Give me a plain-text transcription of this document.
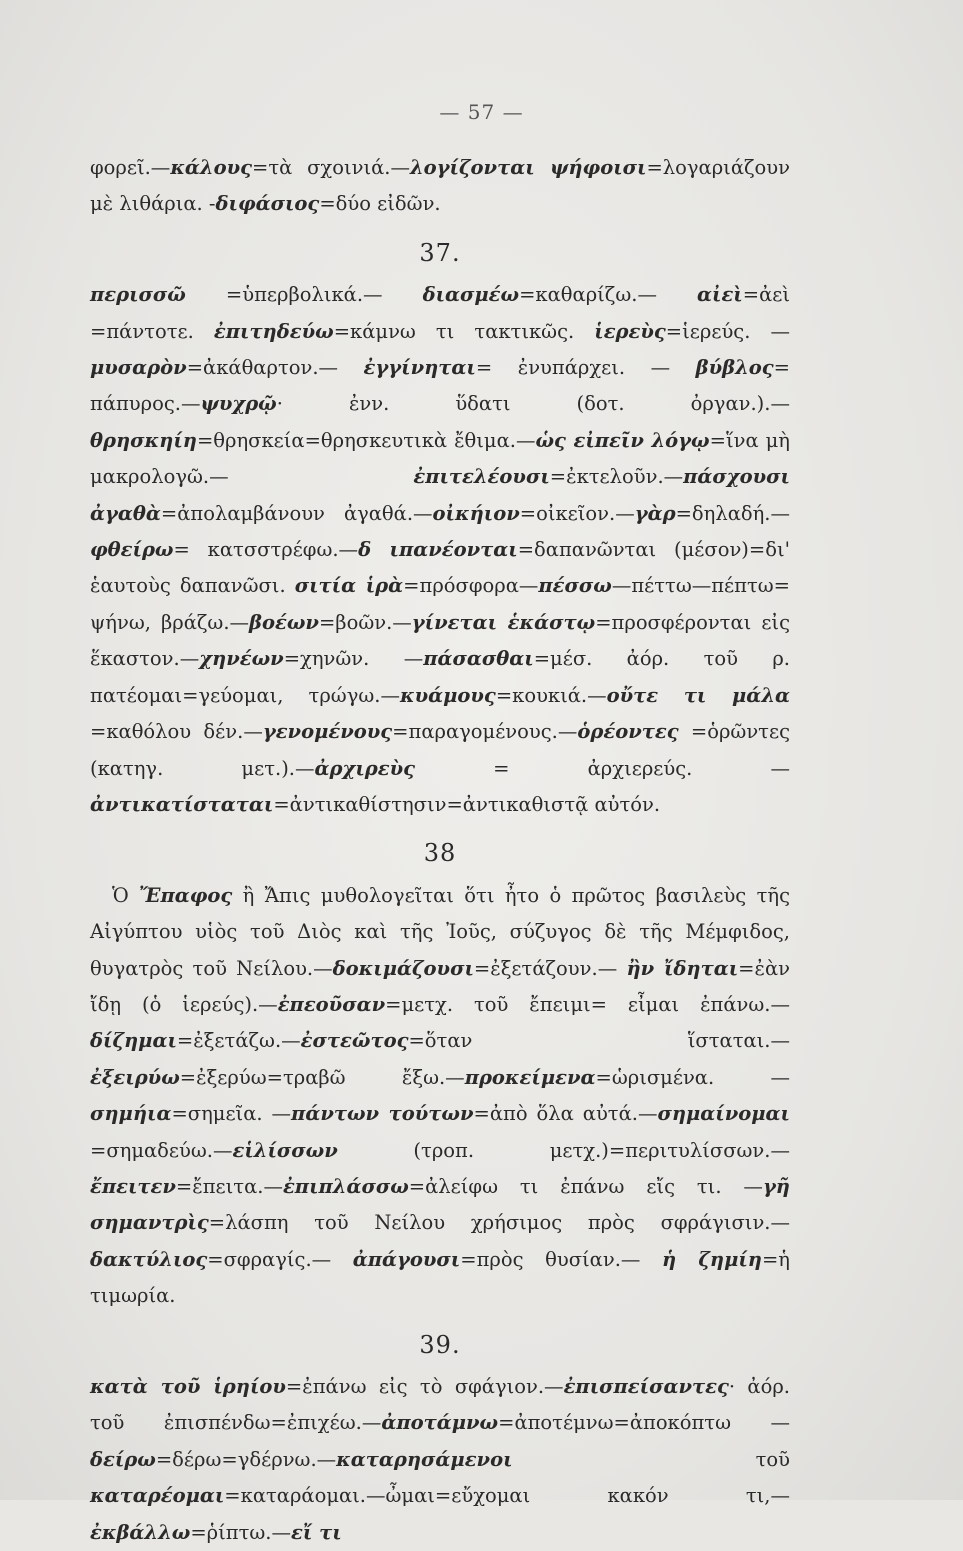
— 57 —
φορεῖ.—κάλους=τὰ σχοινιά.—λογίζονται ψήφοισι=λογαριάζουν μὲ λιθάρια. -διφάσιος=δύο εἰδῶν.
37.
περισσῶ =ὑπερβολικά.— διασμέω=καθαρίζω.— αἰεὶ=ἀεὶ =πάντοτε. ἐπιτηδεύω=κάμνω τι τακτικῶς. ἱερεὺς=ἱερεύς. —μυσαρὸν=ἀκάθαρτον.— ἐγγίνηται= ἐνυπάρχει. — βύβλος= πάπυρος.—ψυχρῷ· ἐνν. ὕδατι (δοτ. ὀργαν.).—θρησκηίη=θρησκεία=θρησκευτικὰ ἔθιμα.—ὡς εἰπεῖν λόγῳ=ἵνα μὴ μακρολογῶ.— ἐπιτελέουσι=ἐκτελοῦν.—πάσχουσι ἀγαθὰ=ἀπολαμβάνουν ἀγαθά.—οἰκήιον=οἰκεῖον.—γὰρ=δηλαδή.—φθείρω= κατσστρέφω.—δ ιπανέονται=δαπανῶνται (μέσον)=δι' ἑαυτοὺς δαπανῶσι. σιτία ἱρὰ=πρόσφορα—πέσσω—πέττω—πέπτω= ψήνω, βράζω.—βοέων=βοῶν.—γίνεται ἑκάστῳ=προσφέρονται εἰς ἕκαστον.—χηνέων=χηνῶν. —πάσασθαι=μέσ. ἀόρ. τοῦ ρ. πατέομαι=γεύομαι, τρώγω.—κυάμους=κουκιά.—οὔτε τι μάλα =καθόλου δέν.—γενομένους=παραγομένους.—ὁρέοντες =ὁρῶντες (κατηγ. μετ.).—ἀρχιρεὺς = ἀρχιερεύς. — ἀντικατίσταται=ἀντικαθίστησιν=ἀντικαθιστᾷ αὐτόν.
38
Ὁ Ἔπαφος ἢ Ἄπις μυθολογεῖται ὅτι ἦτο ὁ πρῶτος βασιλεὺς τῆς Αἰγύπτου υἱὸς τοῦ Διὸς καὶ τῆς Ἰοῦς, σύζυγος δὲ τῆς Μέμφιδος, θυγατρὸς τοῦ Νείλου.—δοκιμάζουσι=ἐξετάζουν.— ἢν ἴδηται=ἐὰν ἴδῃ (ὁ ἱερεύς).—ἐπεοῦσαν=μετχ. τοῦ ἔπειμι= εἶμαι ἐπάνω.—δίζημαι=ἐξετάζω.—ἐστεῶτος=ὅταν ἵσταται.— ἐξειρύω=ἐξερύω=τραβῶ ἔξω.—προκείμενα=ὡρισμένα. —σημήια=σημεῖα. —πάντων τούτων=ἀπὸ ὅλα αὐτά.—σημαίνομαι =σημαδεύω.—εἱλίσσων (τροπ. μετχ.)=περιτυλίσσων.—ἔπειτεν=ἔπειτα.—ἐπιπλάσσω=ἀλείφω τι ἐπάνω εἴς τι. —γῆ σημαντρὶς=λάσπη τοῦ Νείλου χρήσιμος πρὸς σφράγισιν.—δακτύλιος=σφραγίς.— ἀπάγουσι=πρὸς θυσίαν.— ἡ ζημίη=ἡ τιμωρία.
39.
κατὰ τοῦ ἱρηίου=ἐπάνω εἰς τὸ σφάγιον.—ἐπισπείσαντες· ἀόρ. τοῦ ἐπισπένδω=ἐπιχέω.—ἀποτάμνω=ἀποτέμνω=ἀποκόπτω — δείρω=δέρω=γδέρνω.—καταρησάμενοι τοῦ καταρέομαι=καταράομαι.—ὦμαι=εὔχομαι κακόν τι,—ἐκβάλλω=ῥίπτω.—εἴ τι
